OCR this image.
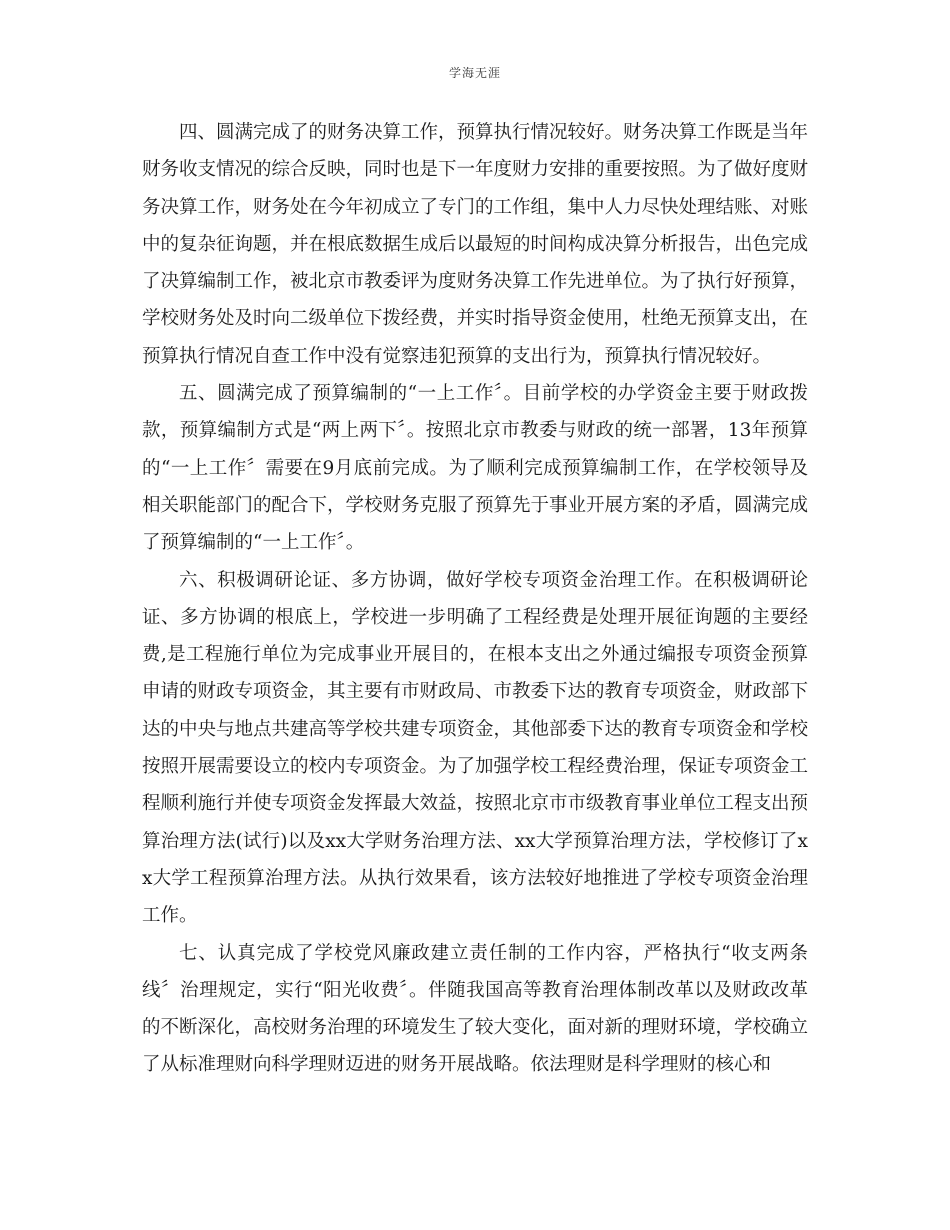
学海无涯

四、圆满完成了的财务决算工作，预算执行情况较好。财务决算工作既是当年财务收支情况的综合反映，同时也是下一年度财力安排的重要按照。为了做好度财务决算工作，财务处在今年初成立了专门的工作组，集中人力尽快处理结账、对账中的复杂征询题，并在根底数据生成后以最短的时间构成决算分析报告，出色完成了决算编制工作，被北京市教委评为度财务决算工作先进单位。为了执行好预算，学校财务处及时向二级单位下拨经费，并实时指导资金使用，杜绝无预算支出，在预算执行情况自查工作中没有觉察违犯预算的支出行为，预算执行情况较好。

五、圆满完成了预算编制的“一上工作〞。目前学校的办学资金主要于财政拨款，预算编制方式是“两上两下〞。按照北京市教委与财政的统一部署，13年预算的“一上工作〞需要在9月底前完成。为了顺利完成预算编制工作，在学校领导及相关职能部门的配合下，学校财务克服了预算先于事业开展方案的矛盾，圆满完成了预算编制的“一上工作〞。

六、积极调研论证、多方协调，做好学校专项资金治理工作。在积极调研论证、多方协调的根底上，学校进一步明确了工程经费是处理开展征询题的主要经费,是工程施行单位为完成事业开展目的，在根本支出之外通过编报专项资金预算申请的财政专项资金，其主要有市财政局、市教委下达的教育专项资金，财政部下达的中央与地点共建高等学校共建专项资金，其他部委下达的教育专项资金和学校按照开展需要设立的校内专项资金。为了加强学校工程经费治理，保证专项资金工程顺利施行并使专项资金发挥最大效益，按照北京市市级教育事业单位工程支出预算治理方法(试行)以及xx大学财务治理方法、xx大学预算治理方法，学校修订了xx大学工程预算治理方法。从执行效果看，该方法较好地推进了学校专项资金治理工作。

七、认真完成了学校党风廉政建立责任制的工作内容，严格执行“收支两条线〞治理规定，实行“阳光收费〞。伴随我国高等教育治理体制改革以及财政改革的不断深化，高校财务治理的环境发生了较大变化，面对新的理财环境，学校确立了从标准理财向科学理财迈进的财务开展战略。依法理财是科学理财的核心和
